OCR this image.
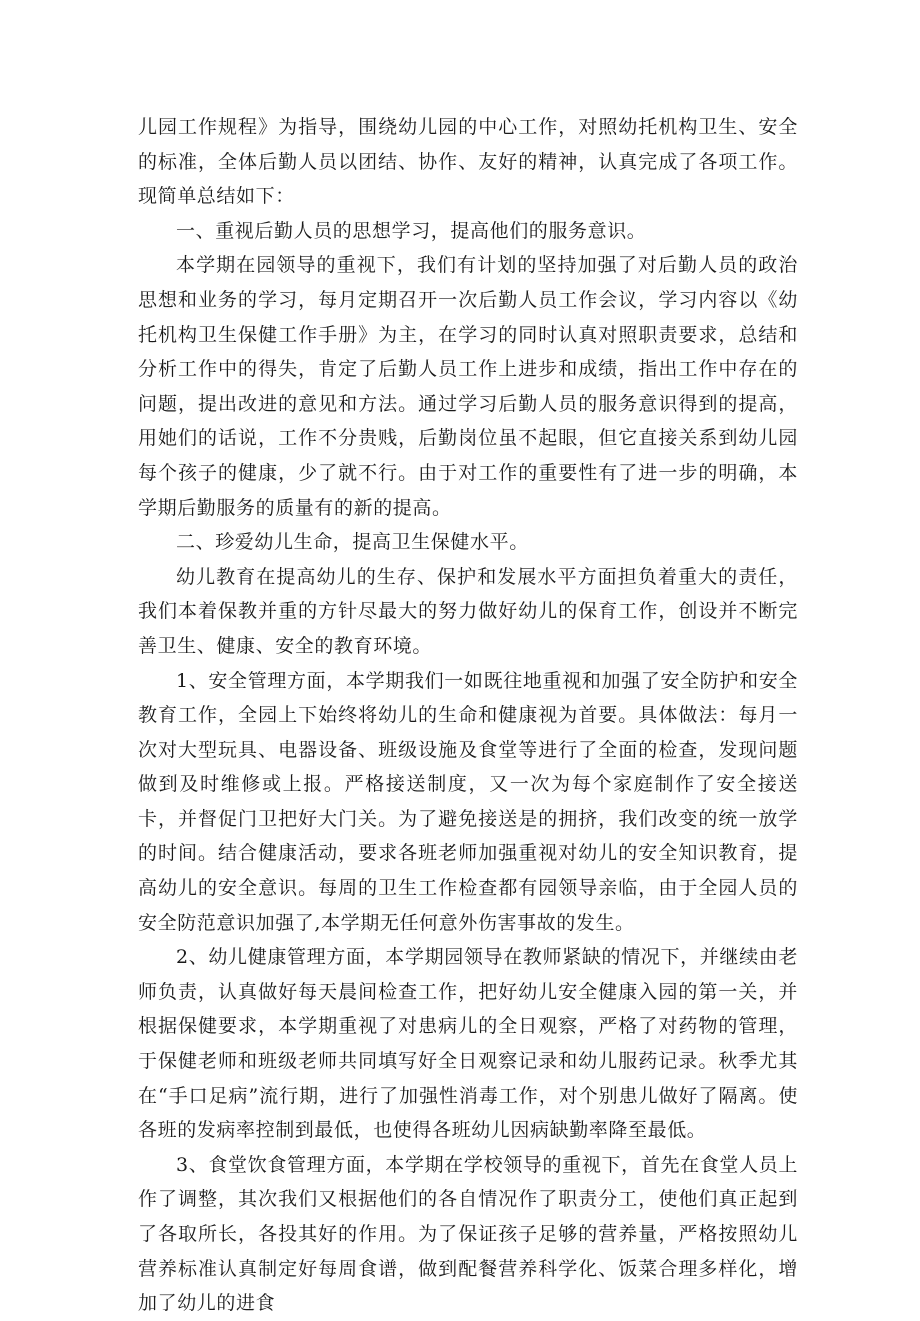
儿园工作规程》为指导，围绕幼儿园的中心工作，对照幼托机构卫生、安全的标准，全体后勤人员以团结、协作、友好的精神，认真完成了各项工作。现简单总结如下：

一、重视后勤人员的思想学习，提高他们的服务意识。

本学期在园领导的重视下，我们有计划的坚持加强了对后勤人员的政治思想和业务的学习，每月定期召开一次后勤人员工作会议，学习内容以《幼托机构卫生保健工作手册》为主，在学习的同时认真对照职责要求，总结和分析工作中的得失，肯定了后勤人员工作上进步和成绩，指出工作中存在的问题，提出改进的意见和方法。通过学习后勤人员的服务意识得到的提高，用她们的话说，工作不分贵贱，后勤岗位虽不起眼，但它直接关系到幼儿园每个孩子的健康，少了就不行。由于对工作的重要性有了进一步的明确，本学期后勤服务的质量有的新的提高。

二、珍爱幼儿生命，提高卫生保健水平。

幼儿教育在提高幼儿的生存、保护和发展水平方面担负着重大的责任，我们本着保教并重的方针尽最大的努力做好幼儿的保育工作，创设并不断完善卫生、健康、安全的教育环境。

1、安全管理方面，本学期我们一如既往地重视和加强了安全防护和安全教育工作，全园上下始终将幼儿的生命和健康视为首要。具体做法：每月一次对大型玩具、电器设备、班级设施及食堂等进行了全面的检查，发现问题做到及时维修或上报。严格接送制度，又一次为每个家庭制作了安全接送卡，并督促门卫把好大门关。为了避免接送是的拥挤，我们改变的统一放学的时间。结合健康活动，要求各班老师加强重视对幼儿的安全知识教育，提高幼儿的安全意识。每周的卫生工作检查都有园领导亲临，由于全园人员的安全防范意识加强了,本学期无任何意外伤害事故的发生。

2、幼儿健康管理方面，本学期园领导在教师紧缺的情况下，并继续由老师负责，认真做好每天晨间检查工作，把好幼儿安全健康入园的第一关，并根据保健要求，本学期重视了对患病儿的全日观察，严格了对药物的管理，于保健老师和班级老师共同填写好全日观察记录和幼儿服药记录。秋季尤其在“手口足病”流行期，进行了加强性消毒工作，对个别患儿做好了隔离。使各班的发病率控制到最低，也使得各班幼儿因病缺勤率降至最低。

3、食堂饮食管理方面，本学期在学校领导的重视下，首先在食堂人员上作了调整，其次我们又根据他们的各自情况作了职责分工，使他们真正起到了各取所长，各投其好的作用。为了保证孩子足够的营养量，严格按照幼儿营养标准认真制定好每周食谱，做到配餐营养科学化、饭菜合理多样化，增加了幼儿的进食
